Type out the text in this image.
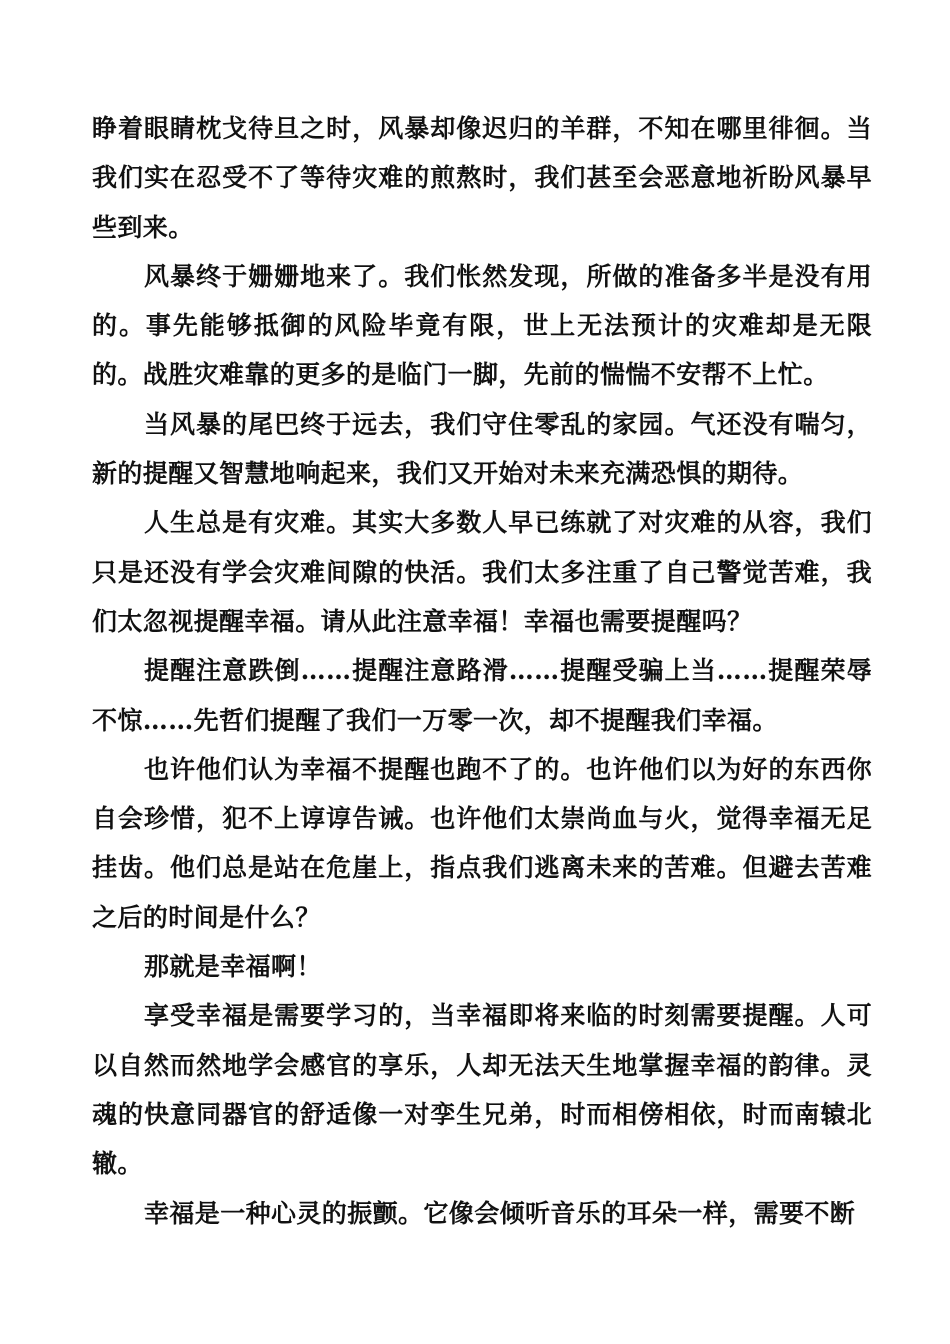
睁着眼睛枕戈待旦之时，风暴却像迟归的羊群，不知在哪里徘徊。当我们实在忍受不了等待灾难的煎熬时，我们甚至会恶意地祈盼风暴早些到来。

风暴终于姗姗地来了。我们怅然发现，所做的准备多半是没有用的。事先能够抵御的风险毕竟有限，世上无法预计的灾难却是无限的。战胜灾难靠的更多的是临门一脚，先前的惴惴不安帮不上忙。

当风暴的尾巴终于远去，我们守住零乱的家园。气还没有喘匀，新的提醒又智慧地响起来，我们又开始对未来充满恐惧的期待。

人生总是有灾难。其实大多数人早已练就了对灾难的从容，我们只是还没有学会灾难间隙的快活。我们太多注重了自己警觉苦难，我们太忽视提醒幸福。请从此注意幸福！幸福也需要提醒吗？

提醒注意跌倒……提醒注意路滑……提醒受骗上当……提醒荣辱不惊……先哲们提醒了我们一万零一次，却不提醒我们幸福。

也许他们认为幸福不提醒也跑不了的。也许他们以为好的东西你自会珍惜，犯不上谆谆告诫。也许他们太崇尚血与火，觉得幸福无足挂齿。他们总是站在危崖上，指点我们逃离未来的苦难。但避去苦难之后的时间是什么？

那就是幸福啊！

享受幸福是需要学习的，当幸福即将来临的时刻需要提醒。人可以自然而然地学会感官的享乐，人却无法天生地掌握幸福的韵律。灵魂的快意同器官的舒适像一对孪生兄弟，时而相傍相依，时而南辕北辙。

幸福是一种心灵的振颤。它像会倾听音乐的耳朵一样，需要不断
